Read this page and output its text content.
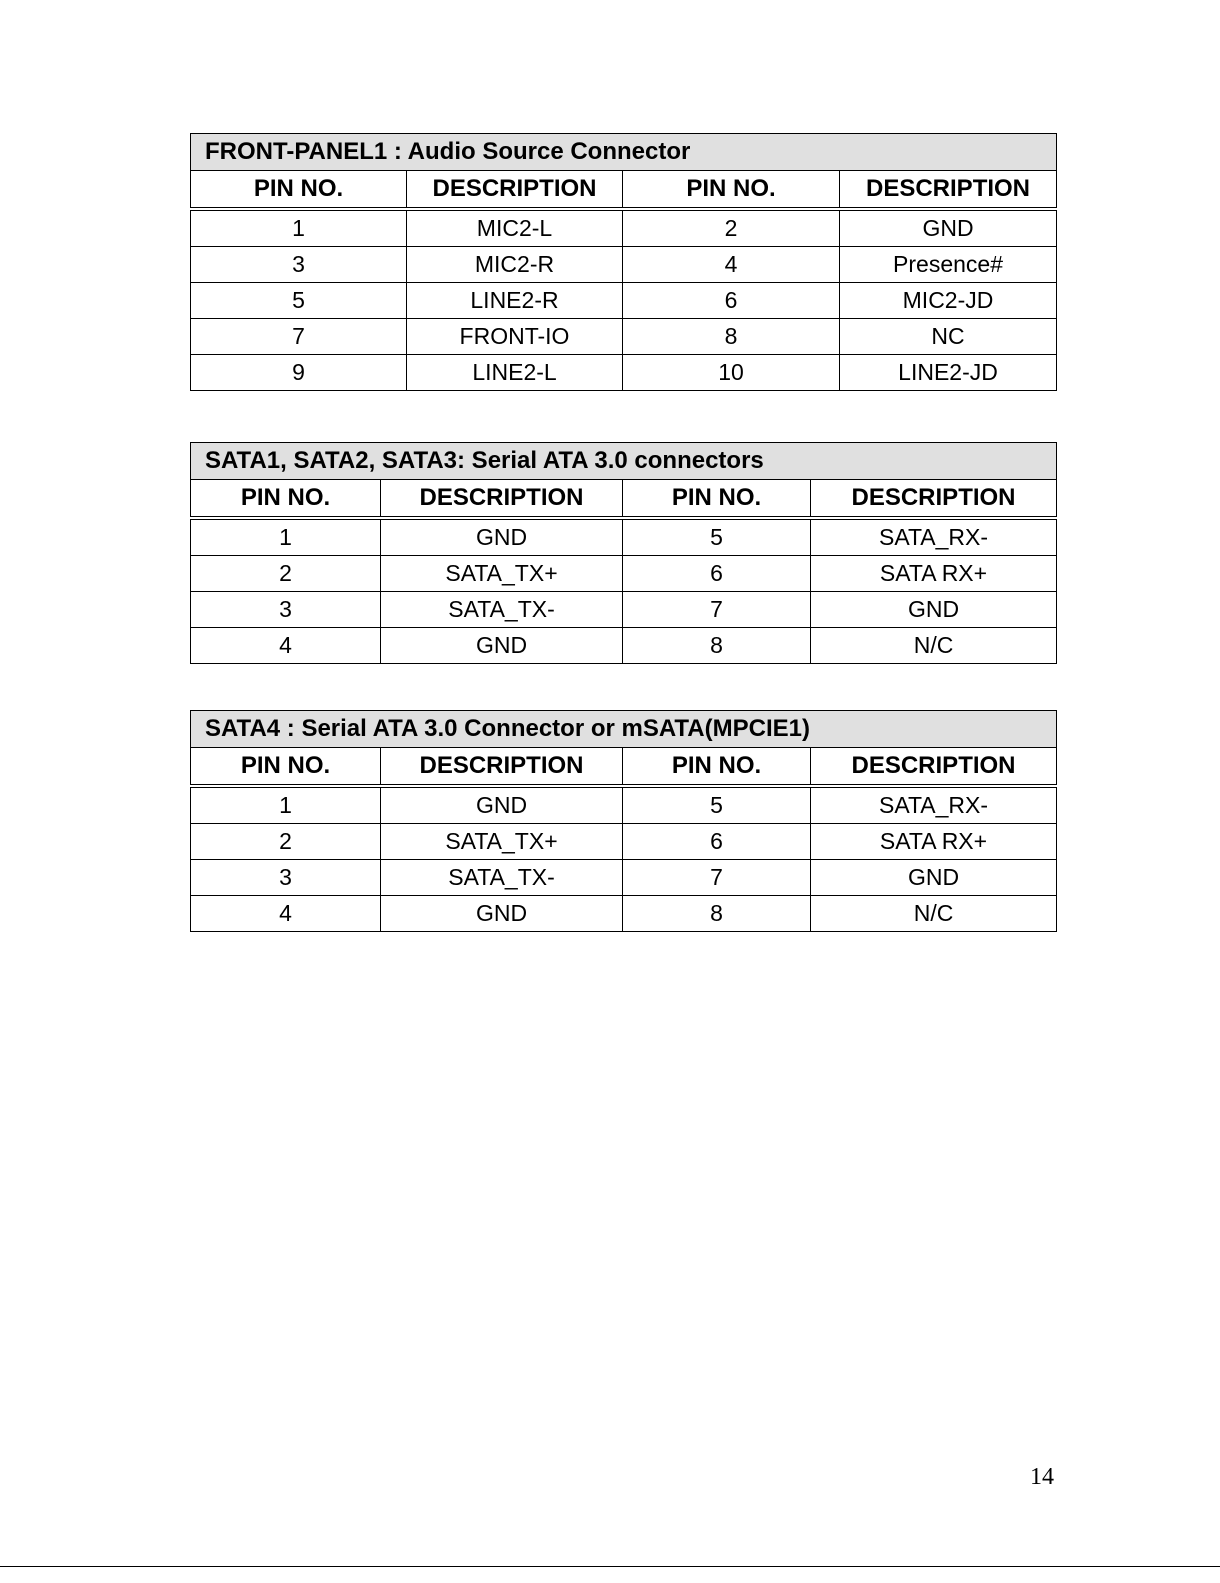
FRONT-PANEL1 : Audio Source Connector			
PIN NO.	DESCRIPTION	PIN NO.	DESCRIPTION
1	MIC2-L	2	GND
3	MIC2-R	4	Presence#
5	LINE2-R	6	MIC2-JD
7	FRONT-IO	8	NC
9	LINE2-L	10	LINE2-JD
SATA1, SATA2, SATA3: Serial ATA 3.0 connectors			
PIN NO.	DESCRIPTION	PIN NO.	DESCRIPTION
1	GND	5	SATA_RX-
2	SATA_TX+	6	SATA RX+
3	SATA_TX-	7	GND
4	GND	8	N/C
SATA4 : Serial ATA 3.0 Connector or mSATA(MPCIE1)			
PIN NO.	DESCRIPTION	PIN NO.	DESCRIPTION
1	GND	5	SATA_RX-
2	SATA_TX+	6	SATA RX+
3	SATA_TX-	7	GND
4	GND	8	N/C
14
